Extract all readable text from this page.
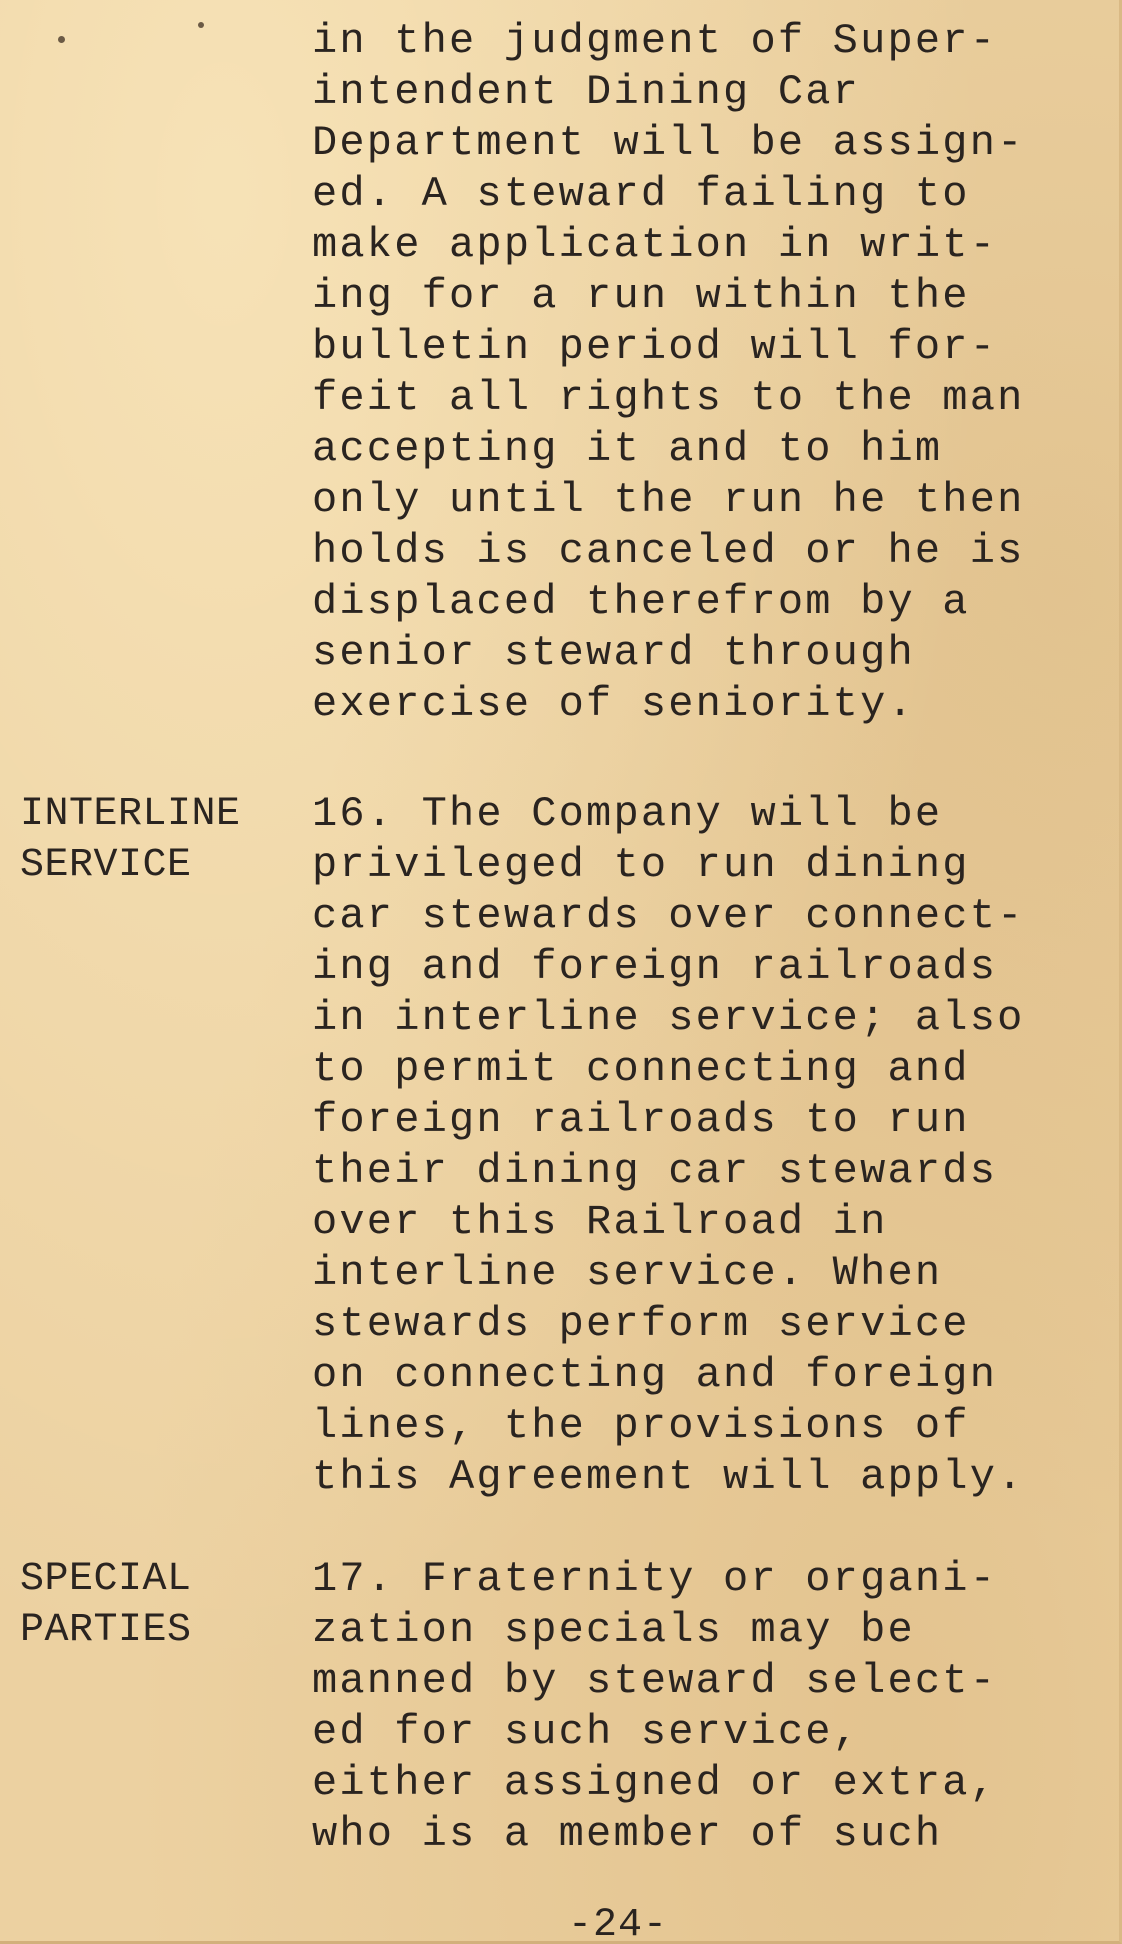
in the judgment of Super-
intendent Dining Car
Department will be assign-
ed. A steward failing to
make application in writ-
ing for a run within the
bulletin period will for-
feit all rights to the man
accepting it and to him
only until the run he then
holds is canceled or he is
displaced therefrom by a
senior steward through
exercise of seniority.
INTERLINE
SERVICE
16. The Company will be
privileged to run dining
car stewards over connect-
ing and foreign railroads
in interline service; also
to permit connecting and
foreign railroads to run
their dining car stewards
over this Railroad in
interline service. When
stewards perform service
on connecting and foreign
lines, the provisions of
this Agreement will apply.
SPECIAL
PARTIES
17. Fraternity or organi-
zation specials may be
manned by steward select-
ed for such service,
either assigned or extra,
who is a member of such
-24-
